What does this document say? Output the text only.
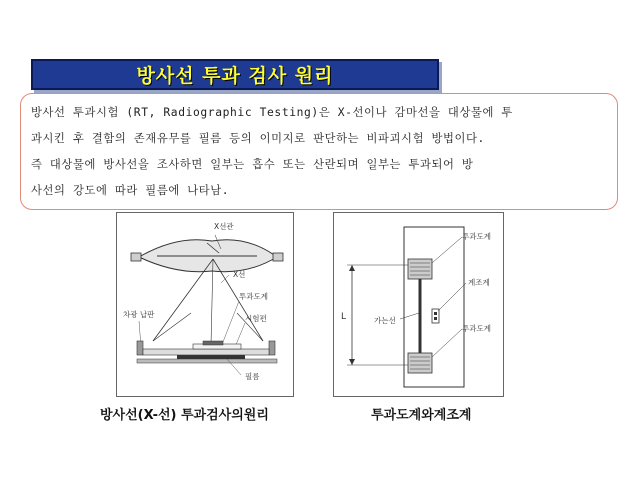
방사선 투과 검사 원리
방사선 투과시험 (RT, Radiographic Testing)은 X-선이나 감마선을 대상물에 투
과시킨 후 결함의 존재유무를 필름 등의 이미지로 판단하는 비파괴시험 방법이다.
즉 대상물에 방사선을 조사하면 일부는 흡수 또는 산란되며 일부는 투과되어 방
사선의 강도에 따라 필름에 나타남.
X선관
X선
투과도계
차광 납판	시험편
필름
L
투과도계
계조계
투과도계
가는선
방사선(X-선) 투과검사의원리	투과도계와계조계
